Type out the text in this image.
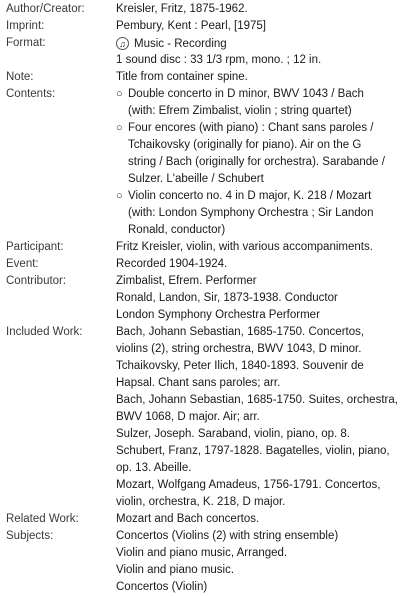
Author/Creator:	Kreisler, Fritz, 1875-1962.
Imprint:	Pembury, Kent : Pearl, [1975]
Format:	♫ Music - Recording
1 sound disc : 33 1/3 rpm, mono. ; 12 in.
Note:	Title from container spine.
Contents:	○ Double concerto in D minor, BWV 1043 / Bach
(with: Efrem Zimbalist, violin ; string quartet)
○ Four encores (with piano) : Chant sans paroles /
Tchaikovsky (originally for piano). Air on the G
string / Bach (originally for orchestra). Sarabande /
Sulzer. L'abeille / Schubert
○ Violin concerto no. 4 in D major, K. 218 / Mozart
(with: London Symphony Orchestra ; Sir Landon
Ronald, conductor)
Participant:	Fritz Kreisler, violin, with various accompaniments.
Event:	Recorded 1904-1924.
Contributor:	Zimbalist, Efrem. Performer
Ronald, Landon, Sir, 1873-1938. Conductor
London Symphony Orchestra Performer
Included Work:	Bach, Johann Sebastian, 1685-1750. Concertos,
violins (2), string orchestra, BWV 1043, D minor.
Tchaikovsky, Peter Ilich, 1840-1893. Souvenir de
Hapsal. Chant sans paroles; arr.
Bach, Johann Sebastian, 1685-1750. Suites, orchestra,
BWV 1068, D major. Air; arr.
Sulzer, Joseph. Saraband, violin, piano, op. 8.
Schubert, Franz, 1797-1828. Bagatelles, violin, piano,
op. 13. Abeille.
Mozart, Wolfgang Amadeus, 1756-1791. Concertos,
violin, orchestra, K. 218, D major.
Related Work:	Mozart and Bach concertos.
Subjects:	Concertos (Violins (2) with string ensemble)
Violin and piano music, Arranged.
Violin and piano music.
Concertos (Violin)
